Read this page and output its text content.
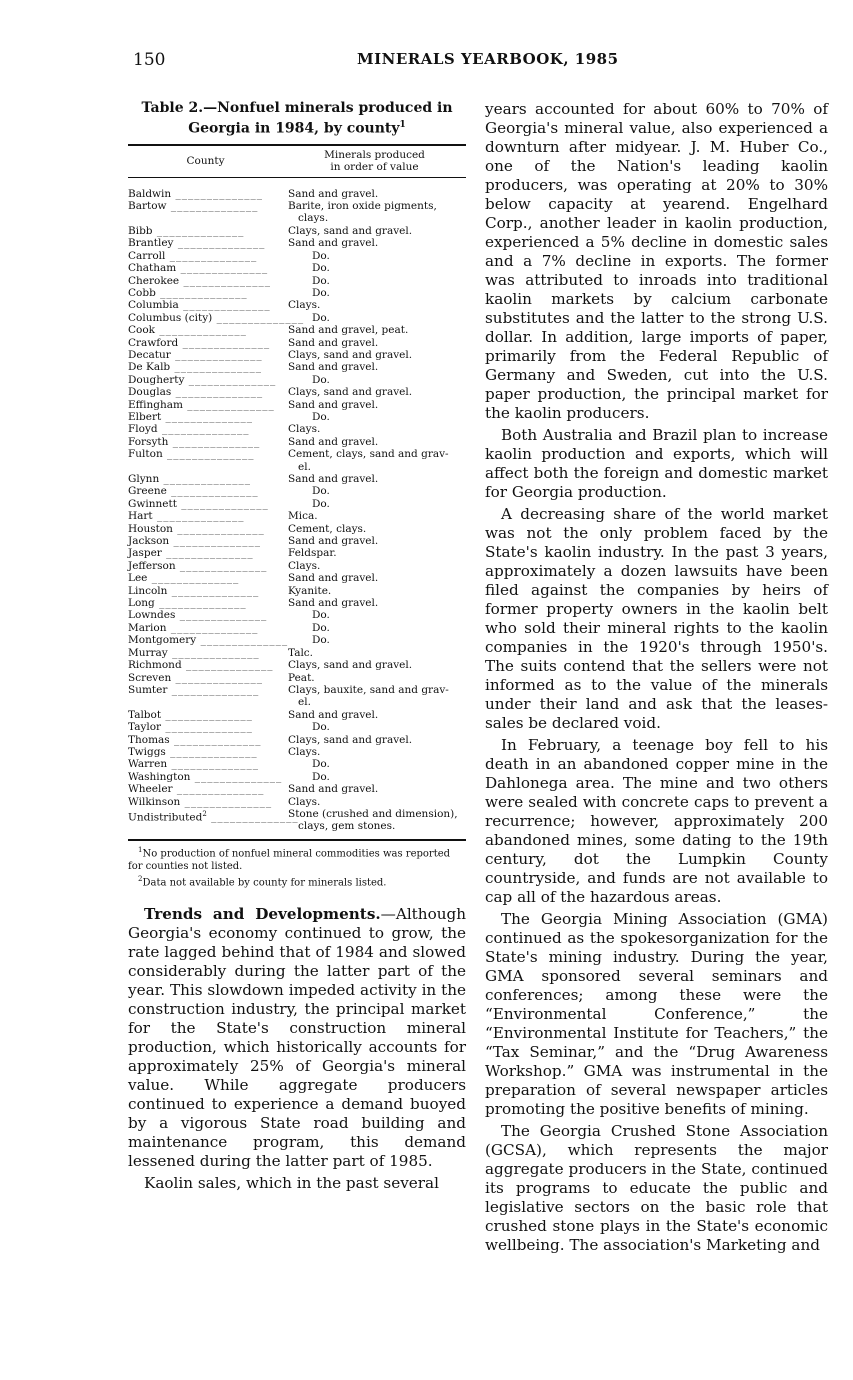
150	MINERALS YEARBOOK, 1985
Table 2.—Nonfuel minerals produced in
Georgia in 1984, by county$^1$
County	Minerals produced
in order of value
Baldwin ______________	Sand and gravel.
Bartow ______________	Barite, iron oxide pigments,
clays.
Bibb ______________	Clays, sand and gravel.
Brantley ______________	Sand and gravel.
Carroll ______________	Do.
Chatham ______________	Do.
Cherokee ______________	Do.
Cobb ______________	Do.
Columbia ______________	Clays.
Columbus (city) ______________ Do.
Cook ______________	Sand and gravel, peat.
Crawford ______________	Sand and gravel.
Decatur ______________	Clays, sand and gravel.
De Kalb ______________	Sand and gravel.
Dougherty ______________	Do.
Douglas ______________	Clays, sand and gravel.
Effingham ______________	Sand and gravel.
Elbert ______________	Do.
Floyd ______________	Clays.
Forsyth ______________	Sand and gravel.
Fulton ______________	Cement, clays, sand and grav-
el.
Glynn ______________	Sand and gravel.
Greene ______________	Do.
Gwinnett ______________	Do.
Hart ______________	Mica.
Houston ______________	Cement, clays.
Jackson ______________	Sand and gravel.
Jasper ______________	Feldspar.
Jefferson ______________	Clays.
Lee ______________	Sand and gravel.
Lincoln ______________	Kyanite.
Long ______________	Sand and gravel.
Lowndes ______________	Do.
Marion ______________	Do.
Montgomery ______________	Do.
Murray ______________	Talc.
Richmond ______________	Clays, sand and gravel.
Screven ______________	Peat.
Sumter ______________	Clays, bauxite, sand and grav-
el.
Talbot ______________	Sand and gravel.
Taylor ______________	Do.
Thomas ______________	Clays, sand and gravel.
Twiggs ______________	Clays.
Warren ______________	Do.
Washington ______________	Do.
Wheeler ______________	Sand and gravel.
Wilkinson ______________	Clays.
Undistributed$^2$ ______________
Stone (crushed and dimension),
clays, gem stones.

$^1$No production of nonfuel mineral commodities was reported for counties not listed.

$^2$Data not available by county for minerals listed.

Trends and Developments.—Although Georgia's economy continued to grow, the rate lagged behind that of 1984 and slowed considerably during the latter part of the year. This slowdown impeded activity in the construction industry, the principal market for the State's construction mineral production, which historically accounts for approximately 25% of Georgia's mineral value. While aggregate producers continued to experience a demand buoyed by a vigorous State road building and maintenance program, this demand lessened during the latter part of 1985.

Kaolin sales, which in the past several

years accounted for about 60% to 70% of Georgia's mineral value, also experienced a downturn after midyear. J. M. Huber Co., one of the Nation's leading kaolin producers, was operating at 20% to 30% below capacity at yearend. Engelhard Corp., another leader in kaolin production, experienced a 5% decline in domestic sales and a 7% decline in exports. The former was attributed to inroads into traditional kaolin markets by calcium carbonate substitutes and the latter to the strong U.S. dollar. In addition, large imports of paper, primarily from the Federal Republic of Germany and Sweden, cut into the U.S. paper production, the principal market for the kaolin producers.

Both Australia and Brazil plan to increase kaolin production and exports, which will affect both the foreign and domestic market for Georgia production.

A decreasing share of the world market was not the only problem faced by the State's kaolin industry. In the past 3 years, approximately a dozen lawsuits have been filed against the companies by heirs of former property owners in the kaolin belt who sold their mineral rights to the kaolin companies in the 1920's through 1950's. The suits contend that the sellers were not informed as to the value of the minerals under their land and ask that the leases-sales be declared void.

In February, a teenage boy fell to his death in an abandoned copper mine in the Dahlonega area. The mine and two others were sealed with concrete caps to prevent a recurrence; however, approximately 200 abandoned mines, some dating to the 19th century, dot the Lumpkin County countryside, and funds are not available to cap all of the hazardous areas.

The Georgia Mining Association (GMA) continued as the spokesorganization for the State's mining industry. During the year, GMA sponsored several seminars and conferences; among these were the “Environmental Conference,” the “Environmental Institute for Teachers,” the “Tax Seminar,” and the “Drug Awareness Workshop.” GMA was instrumental in the preparation of several newspaper articles promoting the positive benefits of mining.

The Georgia Crushed Stone Association (GCSA), which represents the major aggregate producers in the State, continued its programs to educate the public and legislative sectors on the basic role that crushed stone plays in the State's economic wellbeing. The association's Marketing and
